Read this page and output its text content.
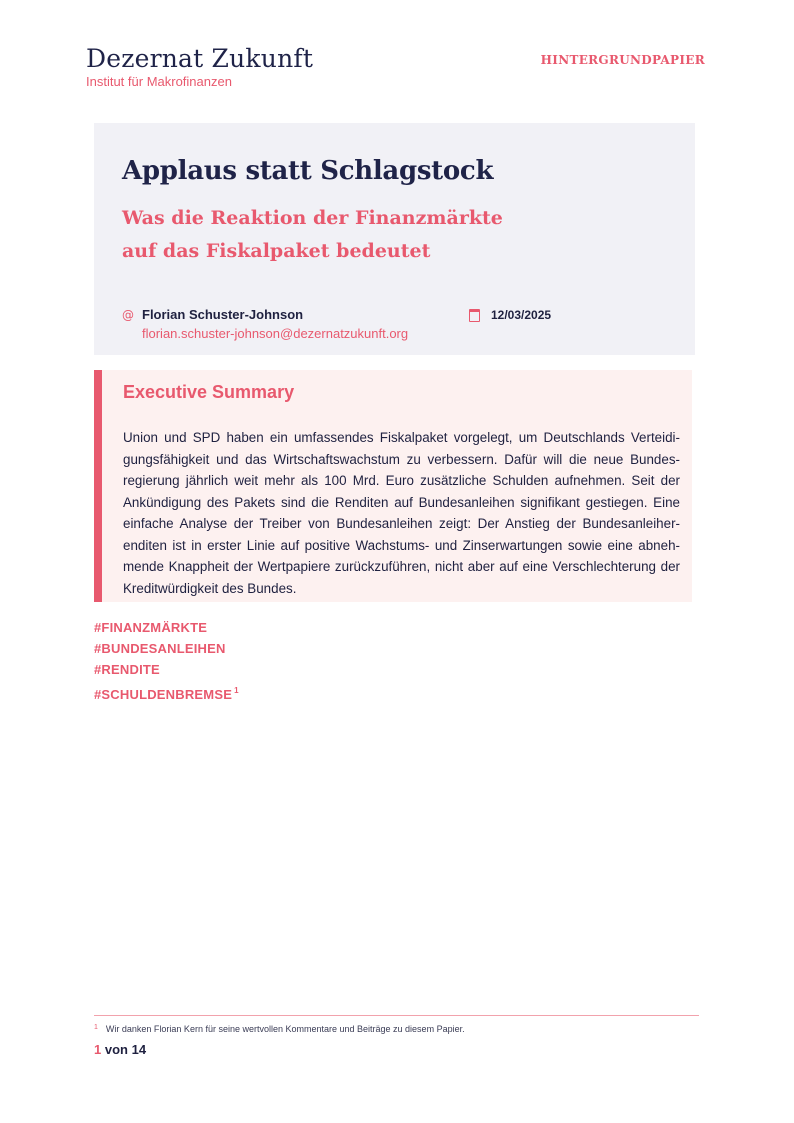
Dezernat Zukunft
Institut für Makrofinanzen
HINTERGRUNDPAPIER
Applaus statt Schlagstock
Was die Reaktion der Finanzmärkte
auf das Fiskalpaket bedeutet
@ Florian Schuster-Johnson
florian.schuster-johnson@dezernatzukunft.org
12/03/2025
Executive Summary
Union und SPD haben ein umfassendes Fiskalpaket vorgelegt, um Deutschlands Verteidigungsfähigkeit und das Wirtschaftswachstum zu verbessern. Dafür will die neue Bundesregierung jährlich weit mehr als 100 Mrd. Euro zusätzliche Schulden aufnehmen. Seit der Ankündigung des Pakets sind die Renditen auf Bundesanleihen signifikant gestiegen. Eine einfache Analyse der Treiber von Bundesanleihen zeigt: Der Anstieg der Bundesanleiherenditen ist in erster Linie auf positive Wachstums- und Zinserwartungen sowie eine abnehmende Knappheit der Wertpapiere zurückzuführen, nicht aber auf eine Verschlechterung der Kreditwürdigkeit des Bundes.
#FINANZMÄRKTE
#BUNDESANLEIHEN
#RENDITE
#SCHULDENBREMSE $^1$
$^1$ Wir danken Florian Kern für seine wertvollen Kommentare und Beiträge zu diesem Papier.
1 von 14
